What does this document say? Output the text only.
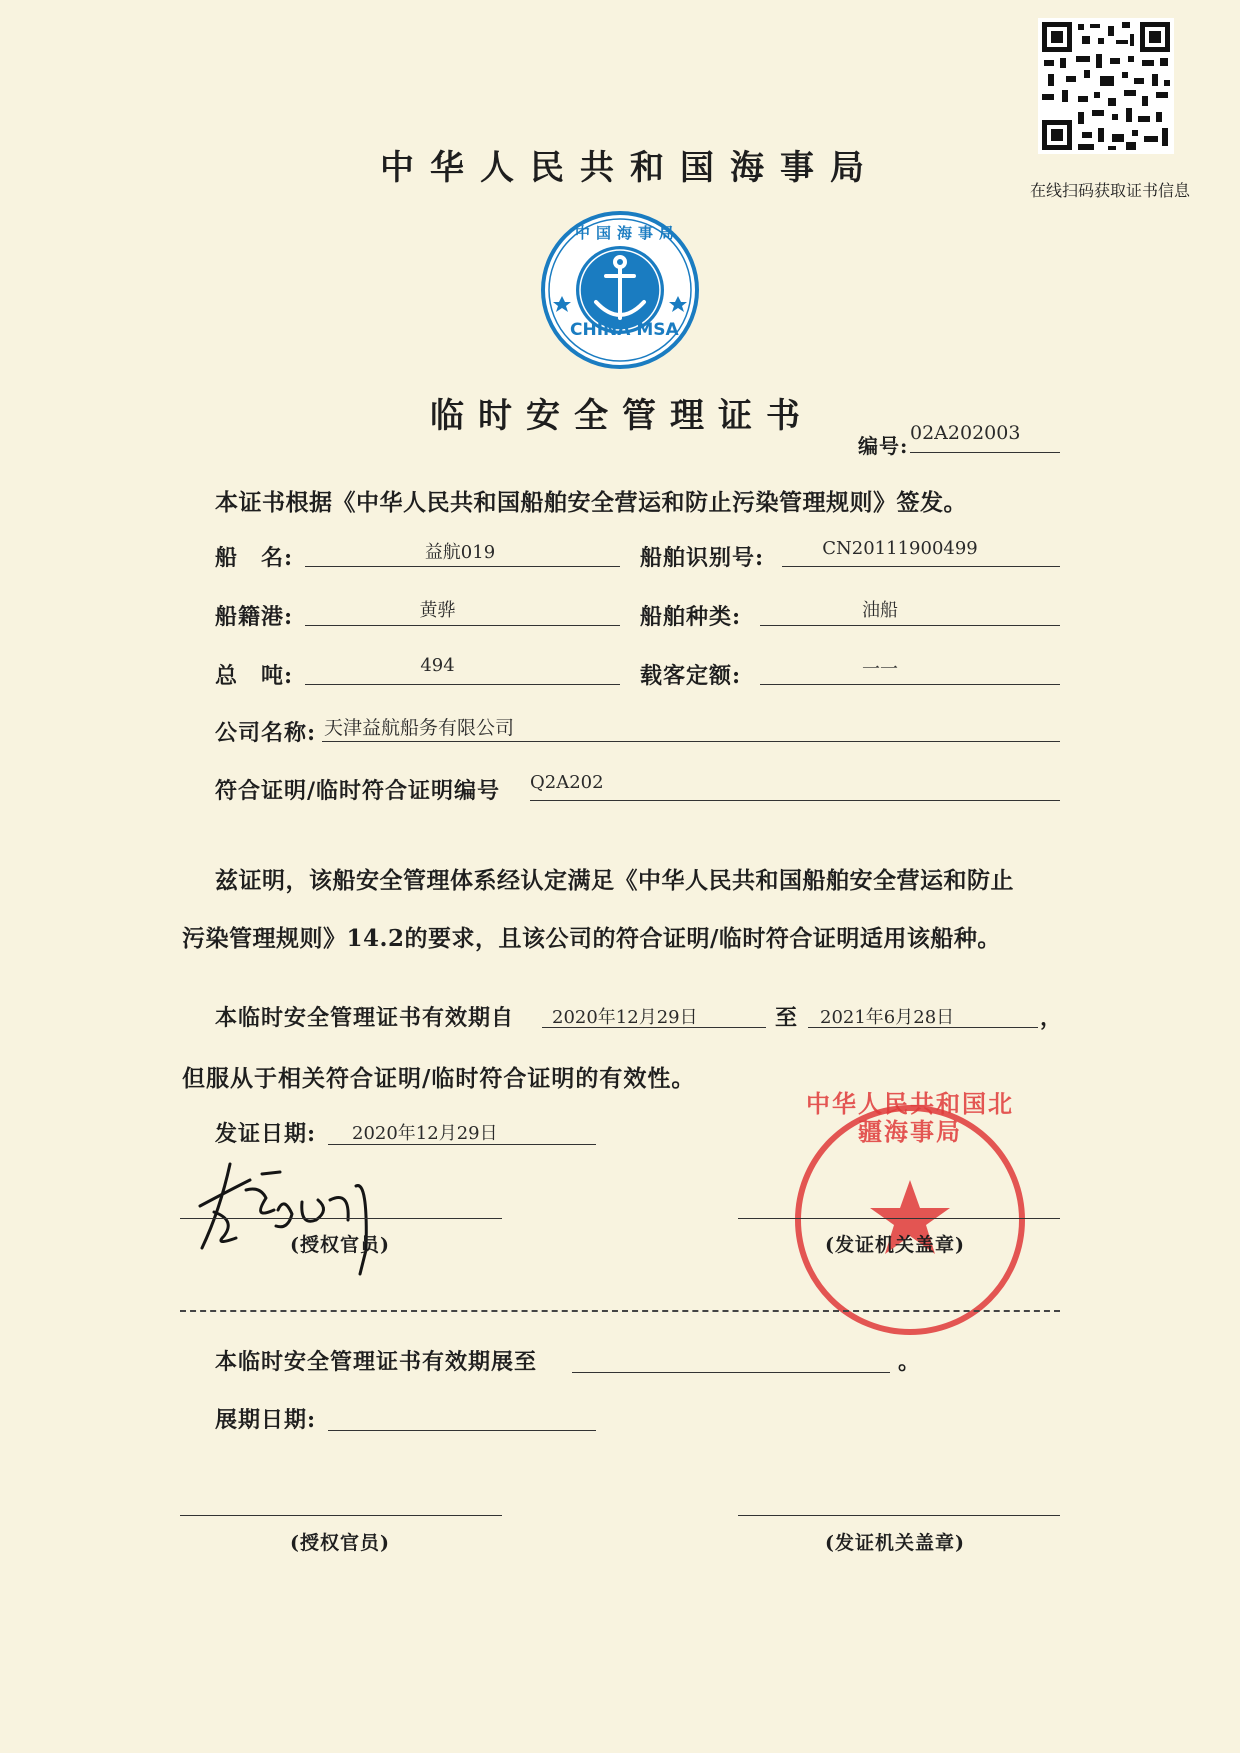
在线扫码获取证书信息
中华人民共和国海事局
中国海事局
CHINA MSA
临时安全管理证书
编号:
02A202003
本证书根据《中华人民共和国船舶安全营运和防止污染管理规则》签发。
船　名:	益航019	船舶识别号:	CN20111900499
船籍港:	黄骅	船舶种类:	油船
总　吨:	494	载客定额:	一一
公司名称: 天津益航船务有限公司
符合证明/临时符合证明编号 Q2A202
兹证明，该船安全管理体系经认定满足《中华人民共和国船舶安全营运和防止
污染管理规则》14.2的要求，且该公司的符合证明/临时符合证明适用该船种。
本临时安全管理证书有效期自 2020年12月29日	至 2021年6月28日	，
但服从于相关符合证明/临时符合证明的有效性。
发证日期: 2020年12月29日
(授权官员)
中华人民共和国北疆海事局
(发证机关盖章)
本临时安全管理证书有效期展至	。
展期日期:
(授权官员)	(发证机关盖章)
